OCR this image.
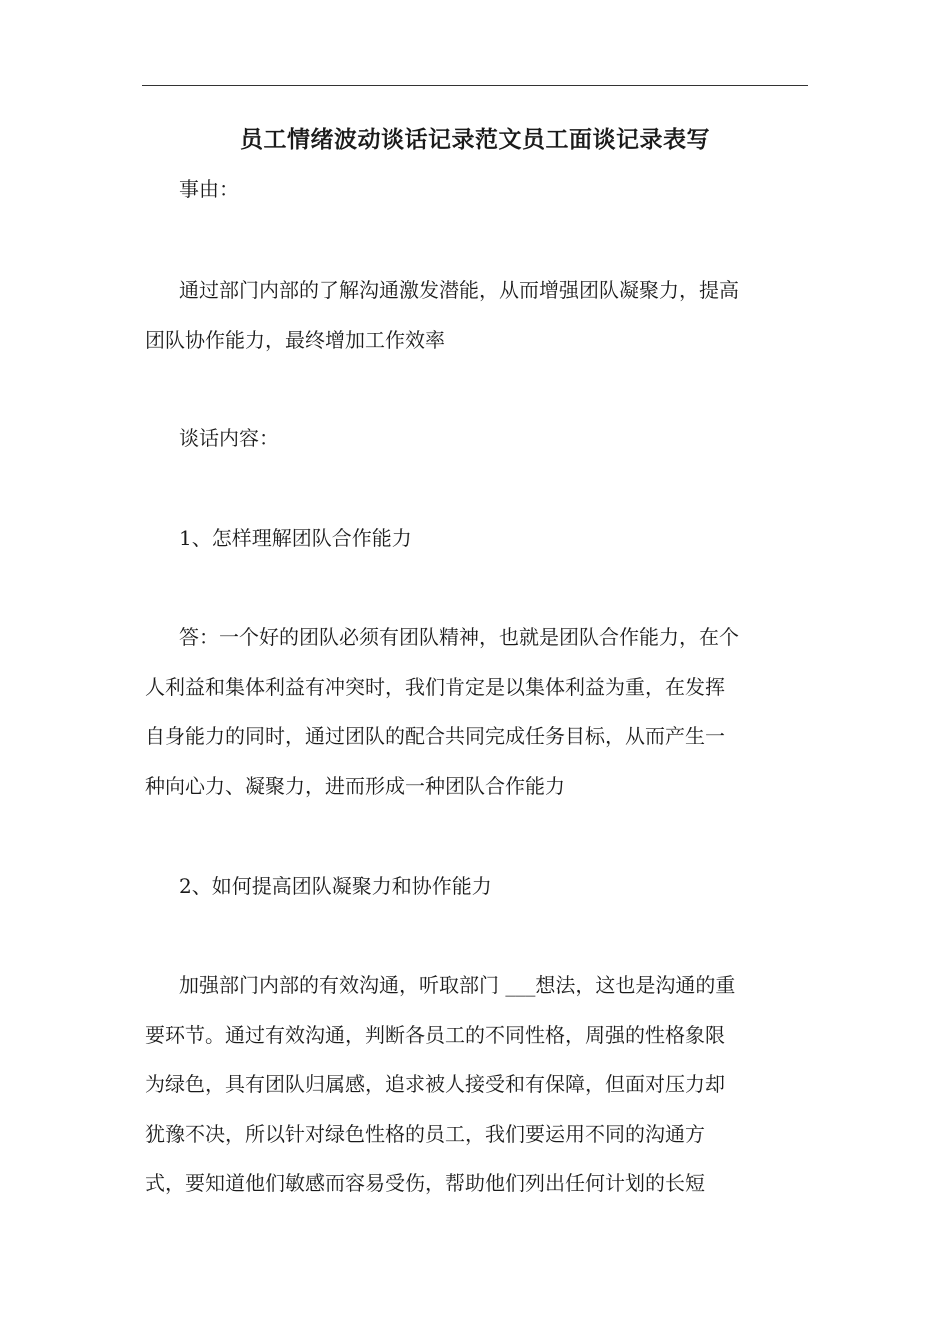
员工情绪波动谈话记录范文员工面谈记录表写
事由：
通过部门内部的了解沟通激发潜能，从而增强团队凝聚力，提高
团队协作能力，最终增加工作效率
谈话内容：
1、怎样理解团队合作能力
答：一个好的团队必须有团队精神，也就是团队合作能力，在个
人利益和集体利益有冲突时，我们肯定是以集体利益为重，在发挥
自身能力的同时，通过团队的配合共同完成任务目标，从而产生一
种向心力、凝聚力，进而形成一种团队合作能力
2、如何提高团队凝聚力和协作能力
加强部门内部的有效沟通，听取部门 ___想法，这也是沟通的重
要环节。通过有效沟通，判断各员工的不同性格，周强的性格象限
为绿色，具有团队归属感，追求被人接受和有保障，但面对压力却
犹豫不决，所以针对绿色性格的员工，我们要运用不同的沟通方
式，要知道他们敏感而容易受伤，帮助他们列出任何计划的长短
